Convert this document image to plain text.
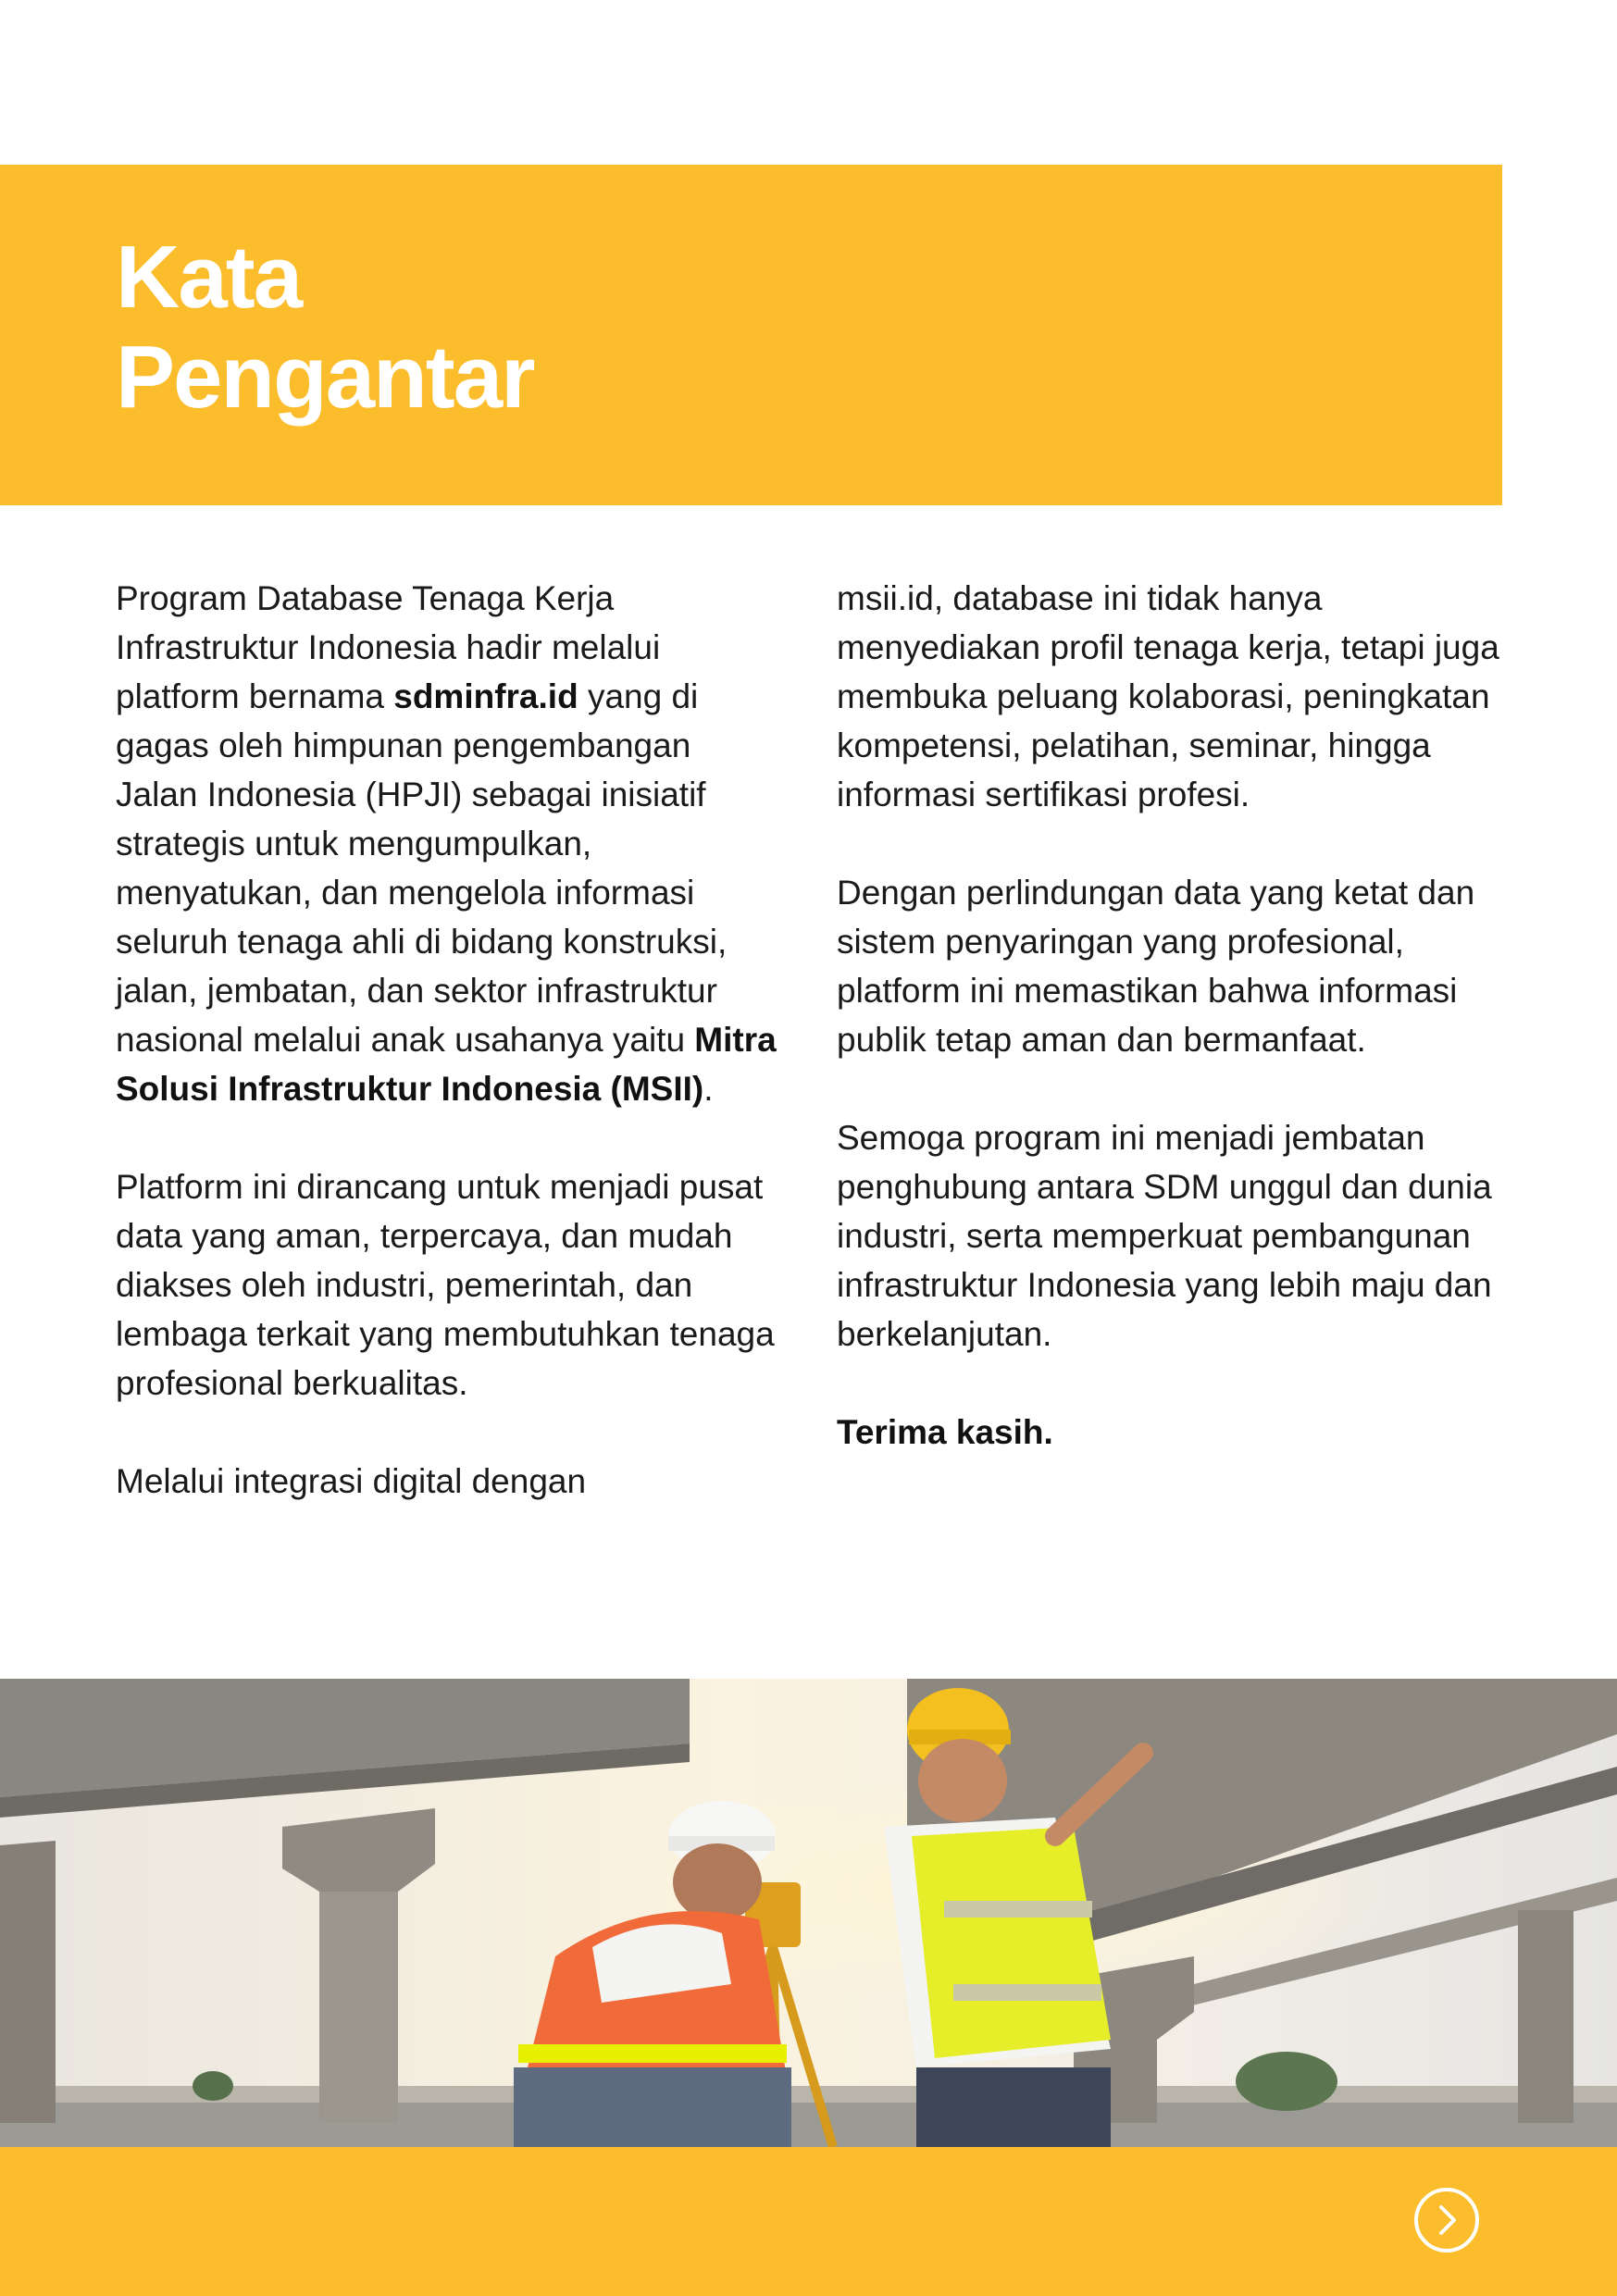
Kata
Pengantar

Program Database Tenaga Kerja Infrastruktur Indonesia hadir melalui platform bernama sdminfra.id yang di gagas oleh himpunan pengembangan Jalan Indonesia (HPJI) sebagai inisiatif strategis untuk mengumpulkan, menyatukan, dan mengelola informasi seluruh tenaga ahli di bidang konstruksi, jalan, jembatan, dan sektor infrastruktur nasional melalui anak usahanya yaitu Mitra Solusi Infrastruktur Indonesia (MSII).

Platform ini dirancang untuk menjadi pusat data yang aman, terpercaya, dan mudah diakses oleh industri, pemerintah, dan lembaga terkait yang membutuhkan tenaga profesional berkualitas.

Melalui integrasi digital dengan

msii.id, database ini tidak hanya menyediakan profil tenaga kerja, tetapi juga membuka peluang kolaborasi, peningkatan kompetensi, pelatihan, seminar, hingga informasi sertifikasi profesi.

Dengan perlindungan data yang ketat dan sistem penyaringan yang profesional, platform ini memastikan bahwa informasi publik tetap aman dan bermanfaat.

Semoga program ini menjadi jembatan penghubung antara SDM unggul dan dunia industri, serta memperkuat pembangunan infrastruktur Indonesia yang lebih maju dan berkelanjutan.

Terima kasih.
